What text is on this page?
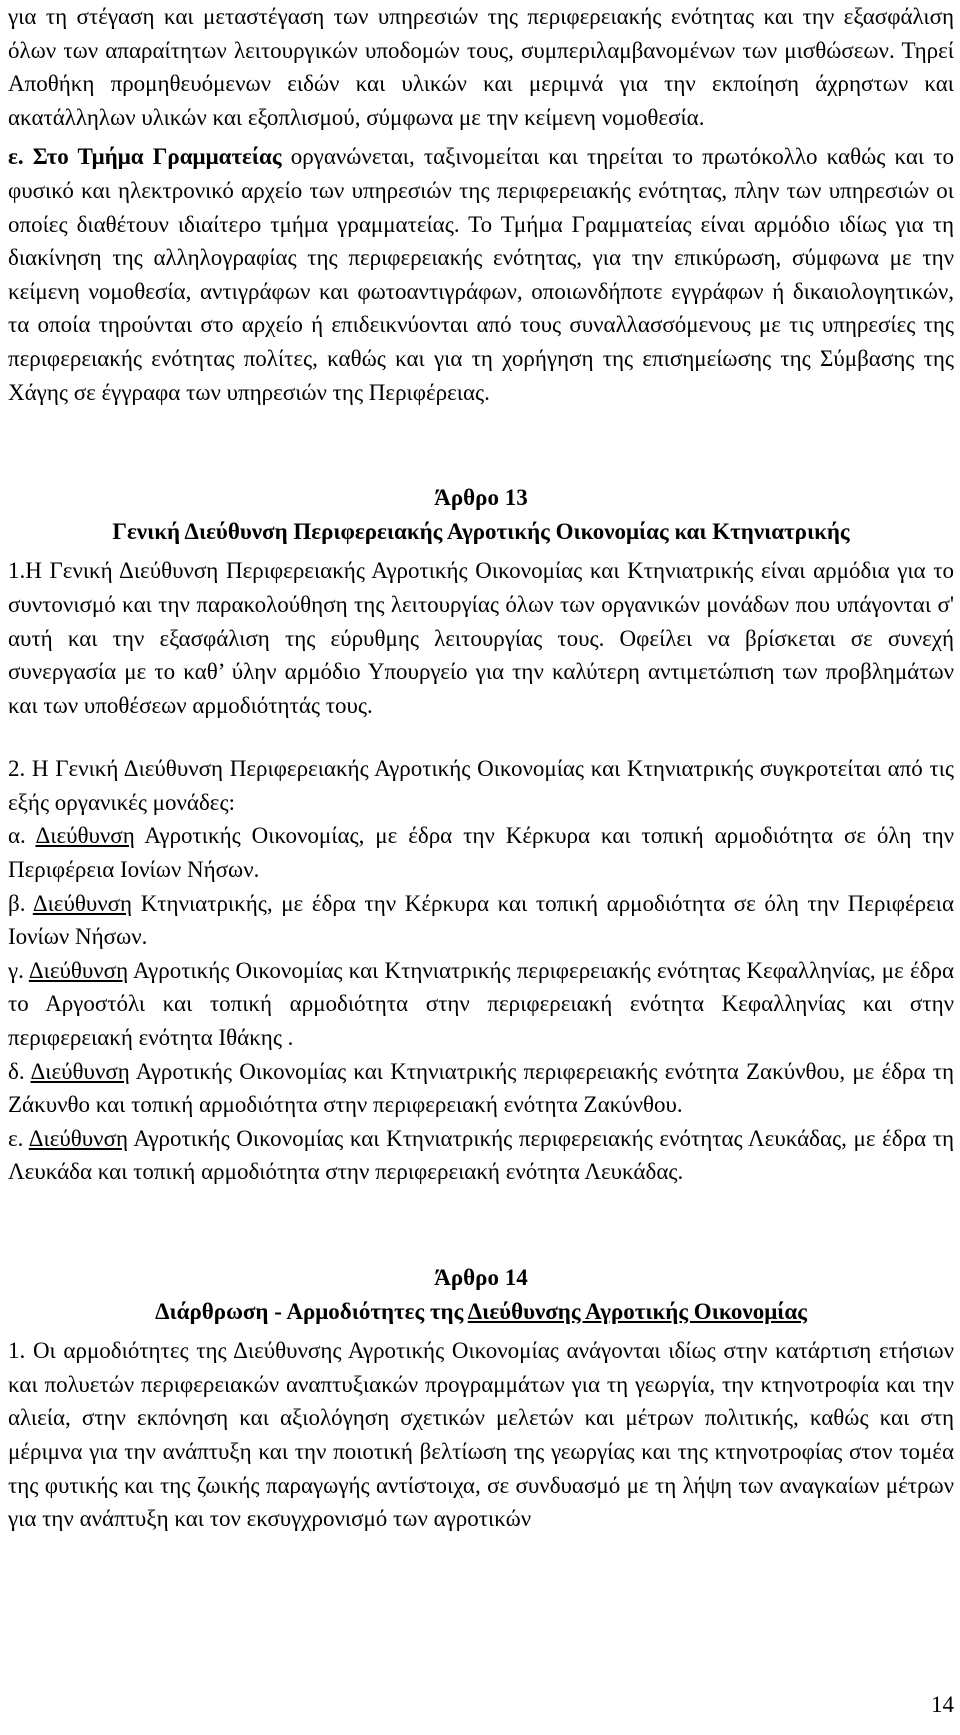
για τη στέγαση και μεταστέγαση των υπηρεσιών της περιφερειακής ενότητας και την εξασφάλιση όλων των απαραίτητων λειτουργικών υποδομών τους, συμπεριλαμβανομένων των μισθώσεων. Τηρεί Αποθήκη προμηθευόμενων ειδών και υλικών και μεριμνά για την εκποίηση άχρηστων και ακατάλληλων υλικών και εξοπλισμού, σύμφωνα με την κείμενη νομοθεσία.

ε. Στο Τμήμα Γραμματείας οργανώνεται, ταξινομείται και τηρείται το πρωτόκολλο καθώς και το φυσικό και ηλεκτρονικό αρχείο των υπηρεσιών της περιφερειακής ενότητας, πλην των υπηρεσιών οι οποίες διαθέτουν ιδιαίτερο τμήμα γραμματείας. Το Τμήμα Γραμματείας είναι αρμόδιο ιδίως για τη διακίνηση της αλληλογραφίας της περιφερειακής ενότητας, για την επικύρωση, σύμφωνα με την κείμενη νομοθεσία, αντιγράφων και φωτοαντιγράφων, οποιωνδήποτε εγγράφων ή δικαιολογητικών, τα οποία τηρούνται στο αρχείο ή επιδεικνύονται από τους συναλλασσόμενους με τις υπηρεσίες της περιφερειακής ενότητας πολίτες, καθώς και για τη χορήγηση της επισημείωσης της Σύμβασης της Χάγης σε έγγραφα των υπηρεσιών της Περιφέρειας.

Άρθρο 13

Γενική Διεύθυνση Περιφερειακής Αγροτικής Οικονομίας και Κτηνιατρικής

1.Η Γενική Διεύθυνση Περιφερειακής Αγροτικής Οικονομίας και Κτηνιατρικής είναι αρμόδια για το συντονισμό και την παρακολούθηση της λειτουργίας όλων των οργανικών μονάδων που υπάγονται σ' αυτή και την εξασφάλιση της εύρυθμης λειτουργίας τους. Οφείλει να βρίσκεται σε συνεχή συνεργασία με το καθ’ ύλην αρμόδιο Υπουργείο για την καλύτερη αντιμετώπιση των προβλημάτων και των υποθέσεων αρμοδιότητάς τους.

2. Η Γενική Διεύθυνση Περιφερειακής Αγροτικής Οικονομίας και Κτηνιατρικής συγκροτείται από τις εξής οργανικές μονάδες:

α. Διεύθυνση Αγροτικής Οικονομίας, με έδρα την Κέρκυρα και τοπική αρμοδιότητα σε όλη την Περιφέρεια Ιονίων Νήσων.

β. Διεύθυνση Κτηνιατρικής, με έδρα την Κέρκυρα και τοπική αρμοδιότητα σε όλη την Περιφέρεια Ιονίων Νήσων.

γ. Διεύθυνση Αγροτικής Οικονομίας και Κτηνιατρικής περιφερειακής ενότητας Κεφαλληνίας, με έδρα το Αργοστόλι και τοπική αρμοδιότητα στην περιφερειακή ενότητα Κεφαλληνίας και στην περιφερειακή ενότητα Ιθάκης .

δ. Διεύθυνση Αγροτικής Οικονομίας και Κτηνιατρικής περιφερειακής ενότητα Ζακύνθου, με έδρα τη Ζάκυνθο και τοπική αρμοδιότητα στην περιφερειακή ενότητα Ζακύνθου.

ε. Διεύθυνση Αγροτικής Οικονομίας και Κτηνιατρικής περιφερειακής ενότητας Λευκάδας, με έδρα τη Λευκάδα και τοπική αρμοδιότητα στην περιφερειακή ενότητα Λευκάδας.

Άρθρο 14

Διάρθρωση - Αρμοδιότητες της Διεύθυνσης Αγροτικής Οικονομίας

1. Οι αρμοδιότητες της Διεύθυνσης Αγροτικής Οικονομίας ανάγονται ιδίως στην κατάρτιση ετήσιων και πολυετών περιφερειακών αναπτυξιακών προγραμμάτων για τη γεωργία, την κτηνοτροφία και την αλιεία, στην εκπόνηση και αξιολόγηση σχετικών μελετών και μέτρων πολιτικής, καθώς και στη μέριμνα για την ανάπτυξη και την ποιοτική βελτίωση της γεωργίας και της κτηνοτροφίας στον τομέα της φυτικής και της ζωικής παραγωγής αντίστοιχα, σε συνδυασμό με τη λήψη των αναγκαίων μέτρων για την ανάπτυξη και τον εκσυγχρονισμό των αγροτικών

14
